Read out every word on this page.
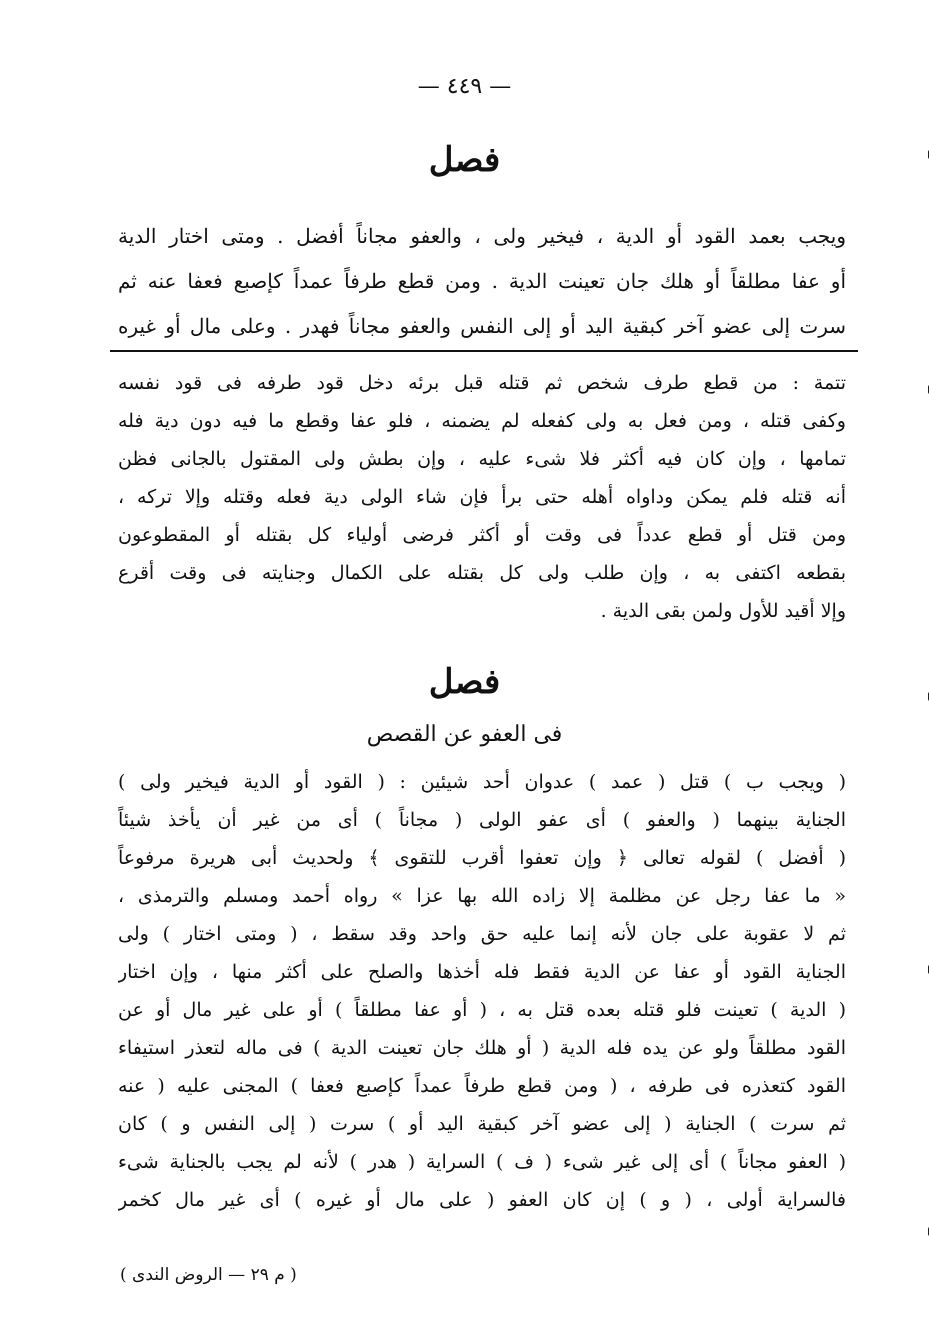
— ٤٤٩ —
فصل
ويجب بعمد القود أو الدية ، فيخير ولى ، والعفو مجاناً أفضل . ومتى اختار الدية
أو عفا مطلقاً أو هلك جان تعينت الدية . ومن قطع طرفاً عمداً كإصبع فعفا عنه ثم
سرت إلى عضو آخر كبقية اليد أو إلى النفس والعفو مجاناً فهدر . وعلى مال أو غيره
تتمة : من قطع طرف شخص ثم قتله قبل برئه دخل قود طرفه فى قود نفسه
وكفى قتله ، ومن فعل به ولى كفعله لم يضمنه ، فلو عفا وقطع ما فيه دون دية فله
تمامها ، وإن كان فيه أكثر فلا شىء عليه ، وإن بطش ولى المقتول بالجانى فظن
أنه قتله فلم يمكن وداواه أهله حتى برأ فإن شاء الولى دية فعله وقتله وإلا تركه ،
ومن قتل أو قطع عدداً فى وقت أو أكثر فرضى أولياء كل بقتله أو المقطوعون
بقطعه اكتفى به ، وإن طلب ولى كل بقتله على الكمال وجنايته فى وقت أقرع
وإلا أقيد للأول ولمن بقى الدية .
فصل
فى العفو عن القصص
( ويجب ب ) قتل ( عمد ) عدوان أحد شيئين : ( القود أو الدية فيخير ولى )
الجناية بينهما ( والعفو ) أى عفو الولى ( مجاناً ) أى من غير أن يأخذ شيئاً
( أفضل ) لقوله تعالى ﴿ وإن تعفوا أقرب للتقوى ﴾ ولحديث أبى هريرة مرفوعاً
« ما عفا رجل عن مظلمة إلا زاده الله بها عزا » رواه أحمد ومسلم والترمذى ،
ثم لا عقوبة على جان لأنه إنما عليه حق واحد وقد سقط ، ( ومتى اختار ) ولى
الجناية القود أو عفا عن الدية فقط فله أخذها والصلح على أكثر منها ، وإن اختار
( الدية ) تعينت فلو قتله بعده قتل به ، ( أو عفا مطلقاً ) أو على غير مال أو عن
القود مطلقاً ولو عن يده فله الدية ( أو هلك جان تعينت الدية ) فى ماله لتعذر استيفاء
القود كتعذره فى طرفه ، ( ومن قطع طرفاً عمداً كإصبع فعفا ) المجنى عليه ( عنه
ثم سرت ) الجناية ( إلى عضو آخر كبقية اليد أو ) سرت ( إلى النفس و ) كان
( العفو مجاناً ) أى إلى غير شىء ( ف ) السراية ( هدر ) لأنه لم يجب بالجناية شىء
فالسراية أولى ، ( و ) إن كان العفو ( على مال أو غيره ) أى غير مال كخمر
( م ٢٩ — الروض الندى )
